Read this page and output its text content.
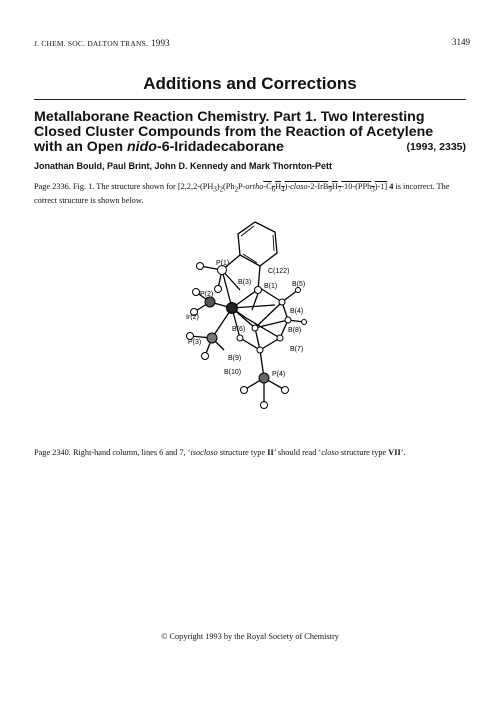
J. CHEM. SOC. DALTON TRANS. 1993	3149
Additions and Corrections
Metallaborane Reaction Chemistry. Part 1. Two Interesting
Closed Cluster Compounds from the Reaction of Acetylene
with an Open nido-6-Iridadecaborane	(1993, 2335)
Jonathan Bould, Paul Brint, John D. Kennedy and Mark Thornton-Pett
Page 2336. Fig. 1. The structure shown for $[2,2,2-(PH_3)_2(Ph_2P-ortho-C_6H_4)-closo-2-IrB_9H_7-10-(PPh_3)-1]$ 4 is incorrect. The correct structure is shown below.
P(1)
C(122)
B(3)
B(1) B(5)
P(2)
B(4)
Ir(2)
B(6)	B(8)
P(3)
B(7)
B(9)
B(10)	P(4)
Page 2340. Right-hand column, lines 6 and 7, ‘isocloso structure type II’ should read ‘closo structure type VII’.
© Copyright 1993 by the Royal Society of Chemistry
